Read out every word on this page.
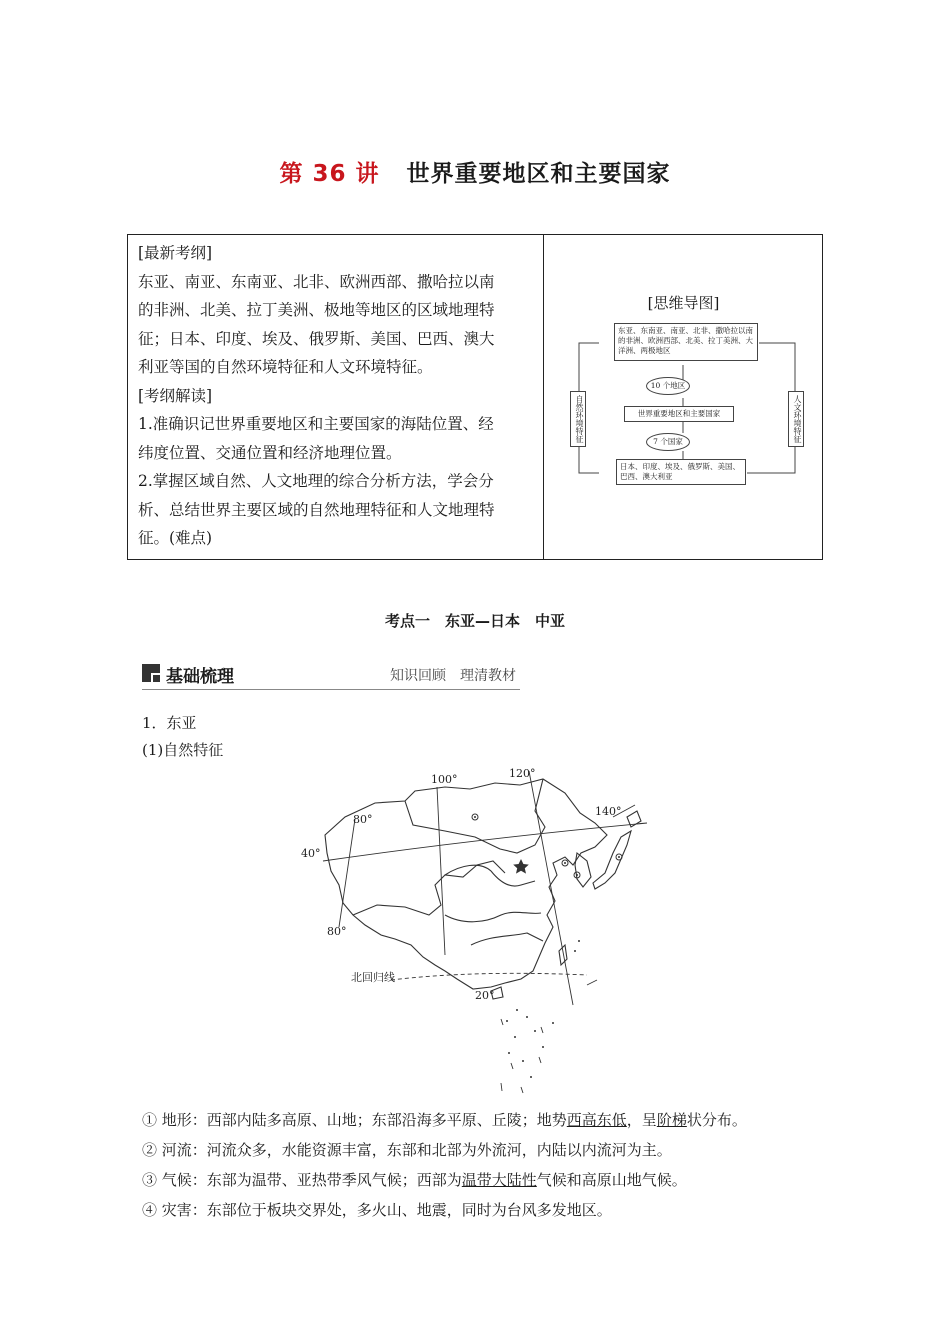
第 36 讲 世界重要地区和主要国家

[最新考纲]

东亚、南亚、东南亚、北非、欧洲西部、撒哈拉以南

的非洲、北美、拉丁美洲、极地等地区的区域地理特

征；日本、印度、埃及、俄罗斯、美国、巴西、澳大

利亚等国的自然环境特征和人文环境特征。

[考纲解读]

1.准确识记世界重要地区和主要国家的海陆位置、经

纬度位置、交通位置和经济地理位置。

2.掌握区域自然、人文地理的综合分析方法，学会分

析、总结世界主要区域的自然地理特征和人文地理特

征。(难点)

[思维导图]
东亚、东南亚、南亚、北非、撒哈拉以南的非洲、欧洲西部、北美、拉丁美洲、大洋洲、两极地区
10 个地区
世界重要地区和主要国家
7 个国家
日本、印度、埃及、俄罗斯、美国、巴西、澳大利亚
自然环境特征	人文环境特征
考点一　东亚—日本　中亚
基础梳理	知识回顾　理清教材
1．东亚
(1)自然特征
100°	120°
140°
80°
40°
80°
20°
北回归线

① 地形：西部内陆多高原、山地；东部沿海多平原、丘陵；地势西高东低，呈阶梯状分布。

② 河流：河流众多，水能资源丰富，东部和北部为外流河，内陆以内流河为主。

③ 气候：东部为温带、亚热带季风气候；西部为温带大陆性气候和高原山地气候。

④ 灾害：东部位于板块交界处，多火山、地震，同时为台风多发地区。
